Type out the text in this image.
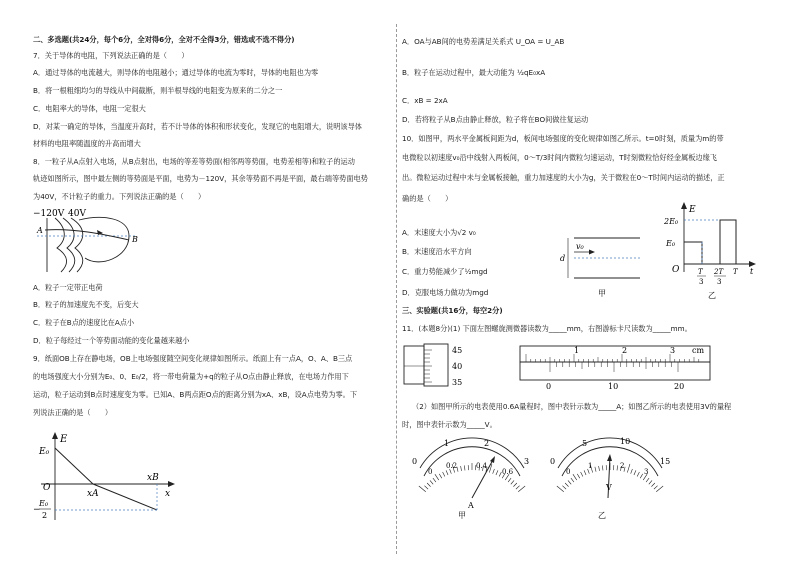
二、多选题(共24分，每个6分，全对得6分，全对不全得3分，错选或不选不得分)
7．关于导体的电阻，下列说法正确的是（　　）
A．通过导体的电流越大，则导体的电阻越小；通过导体的电流为零时，导体的电阻也为零
B．将一根粗细均匀的导线从中间截断，则半根导线的电阻变为原来的二分之一
C．电阻率大的导体，电阻一定很大
D．对某一确定的导体，当温度升高时，若不计导体的体积和形状变化，发现它的电阻增大，说明该导体
材料的电阻率随温度的升高而增大
8．一粒子从A点射入电场，从B点射出，电场的等差等势面(相邻两等势面，电势差相等)和粒子的运动
轨迹如图所示，图中最左侧的等势面是平面，电势为－120V，其余等势面不再是平面，最右端等势面电势
为40V，不计粒子的重力。下列说法正确的是（　　）
−120V 40V
A
B
A．粒子一定带正电荷
B．粒子的加速度先不变，后变大
C．粒子在B点的速度比在A点小
D．粒子每经过一个等势面动能的变化量越来越小
9．纸面OB上存在静电场，OB上电场强度随空间变化规律如图所示。纸面上有一点A，O、A、B三点
的电场强度大小分别为E₀、0、E₀/2，将一带电荷量为+q的粒子从O点由静止释放，在电场力作用下
运动，粒子运动到B点时速度变为零。已知A、B两点距O点的距离分别为xA、xB，设A点电势为零。下
列说法正确的是（　　）
E
E₀
O
xA
xB
x
−
E₀
2
A．OA与AB间的电势差满足关系式 U_OA = U_AB
B．粒子在运动过程中，最大动能为 ½qE₀xA
C．xB = 2xA
D．若将粒子从B点由静止释放，粒子将在BO间做往复运动
10．如图甲，两水平金属板间距为d，板间电场强度的变化规律如图乙所示。t=0时刻，质量为m的带
电微粒以初速度v₀沿中线射入两板间，0～T/3时间内微粒匀速运动，T时刻微粒恰好经金属板边缘飞
出。微粒运动过程中未与金属板接触，重力加速度的大小为g，关于微粒在0～T时间内运动的描述，正
确的是（　　）
A．末速度大小为√2 v₀
B．末速度沿水平方向
C．重力势能减少了½mgd
D．克服电场力做功为mgd
v₀
d
甲
E
2E₀
E₀
O	T
3
2T
3
T t
乙
三、实验题(共16分，每空2分)
11．(本题8分)(1) 下面左图螺旋测微器读数为_____mm，右图游标卡尺读数为_____mm。
45
40
35
1	2	3 cm
0	10	20
（2）如图甲所示的电表使用0.6A量程时，图中表针示数为_____A；如图乙所示的电表使用3V的量程
时，图中表针示数为_____V。
0
1	2
3
0
0.2	0.4
0.6
A
甲
0
5	10
15
0
1	2
3
V
乙
